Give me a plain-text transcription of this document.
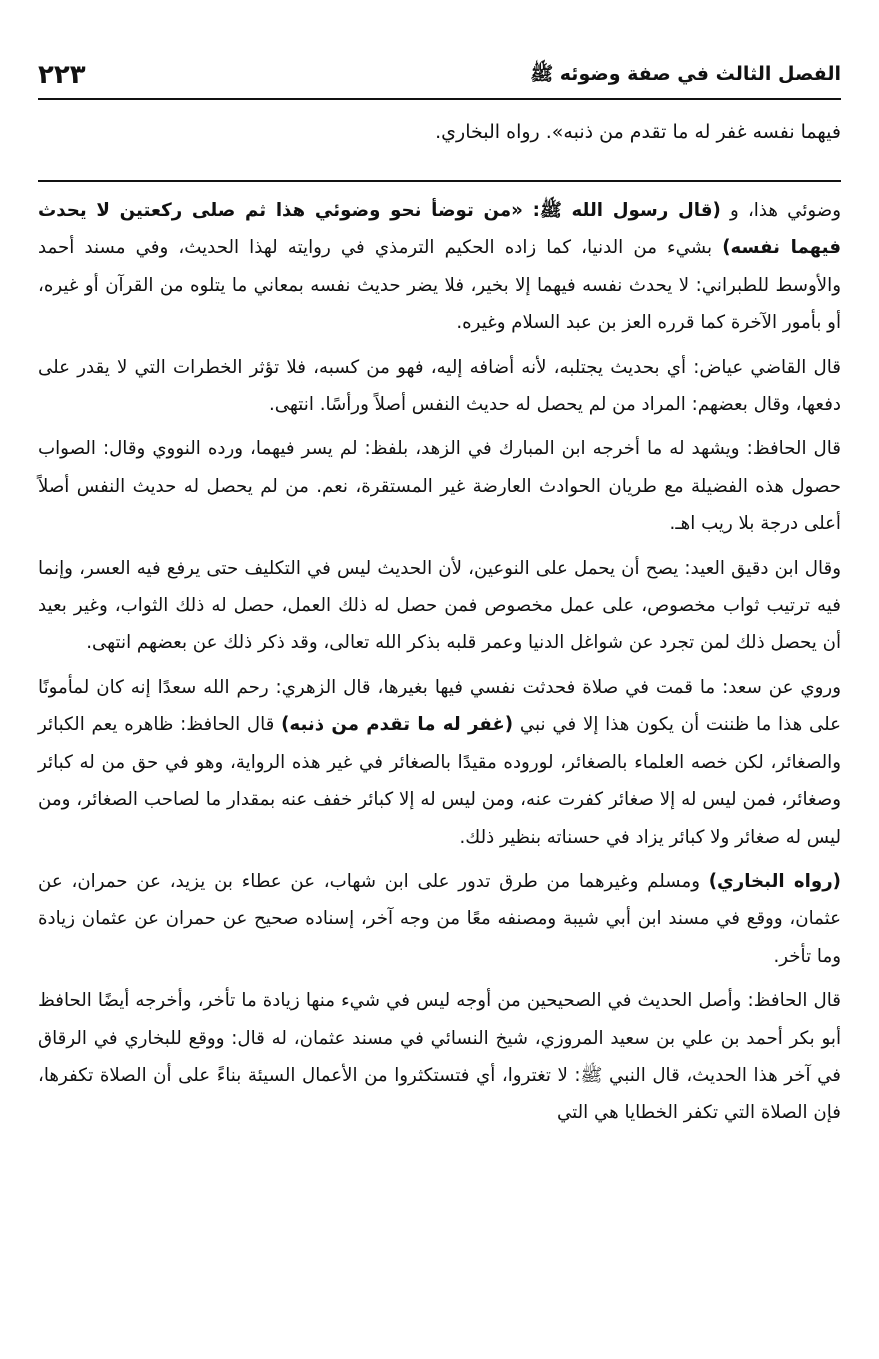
الفصل الثالث في صفة وضوئه ﷺ
٢٢٣
فيهما نفسه غفر له ما تقدم من ذنبه». رواه البخاري.

وضوئي هذا، و (قال رسول الله ﷺ: «من توضأ نحو وضوئي هذا ثم صلى ركعتين لا يحدث فيهما نفسه) بشيء من الدنيا، كما زاده الحكيم الترمذي في روايته لهذا الحديث، وفي مسند أحمد والأوسط للطبراني: لا يحدث نفسه فيهما إلا بخير، فلا يضر حديث نفسه بمعاني ما يتلوه من القرآن أو غيره، أو بأمور الآخرة كما قرره العز بن عبد السلام وغيره.

قال القاضي عياض: أي بحديث يجتلبه، لأنه أضافه إليه، فهو من كسبه، فلا تؤثر الخطرات التي لا يقدر على دفعها، وقال بعضهم: المراد من لم يحصل له حديث النفس أصلاً ورأسًا. انتهى.

قال الحافظ: ويشهد له ما أخرجه ابن المبارك في الزهد، بلفظ: لم يسر فيهما، ورده النووي وقال: الصواب حصول هذه الفضيلة مع طريان الحوادث العارضة غير المستقرة، نعم. من لم يحصل له حديث النفس أصلاً أعلى درجة بلا ريب اهـ.

وقال ابن دقيق العيد: يصح أن يحمل على النوعين، لأن الحديث ليس في التكليف حتى يرفع فيه العسر، وإنما فيه ترتيب ثواب مخصوص، على عمل مخصوص فمن حصل له ذلك العمل، حصل له ذلك الثواب، وغير بعيد أن يحصل ذلك لمن تجرد عن شواغل الدنيا وعمر قلبه بذكر الله تعالى، وقد ذكر ذلك عن بعضهم انتهى.

وروي عن سعد: ما قمت في صلاة فحدثت نفسي فيها بغيرها، قال الزهري: رحم الله سعدًا إنه كان لمأمونًا على هذا ما ظننت أن يكون هذا إلا في نبي (غفر له ما تقدم من ذنبه) قال الحافظ: ظاهره يعم الكبائر والصغائر، لكن خصه العلماء بالصغائر، لوروده مقيدًا بالصغائر في غير هذه الرواية، وهو في حق من له كبائر وصغائر، فمن ليس له إلا صغائر كفرت عنه، ومن ليس له إلا كبائر خفف عنه بمقدار ما لصاحب الصغائر، ومن ليس له صغائر ولا كبائر يزاد في حسناته بنظير ذلك.

(رواه البخاري) ومسلم وغيرهما من طرق تدور على ابن شهاب، عن عطاء بن يزيد، عن حمران، عن عثمان، ووقع في مسند ابن أبي شيبة ومصنفه معًا من وجه آخر، إسناده صحيح عن حمران عن عثمان زيادة وما تأخر.

قال الحافظ: وأصل الحديث في الصحيحين من أوجه ليس في شيء منها زيادة ما تأخر، وأخرجه أيضًا الحافظ أبو بكر أحمد بن علي بن سعيد المروزي، شيخ النسائي في مسند عثمان، له قال: ووقع للبخاري في الرقاق في آخر هذا الحديث، قال النبي ﷺ: لا تغتروا، أي فتستكثروا من الأعمال السيئة بناءً على أن الصلاة تكفرها، فإن الصلاة التي تكفر الخطايا هي التي
